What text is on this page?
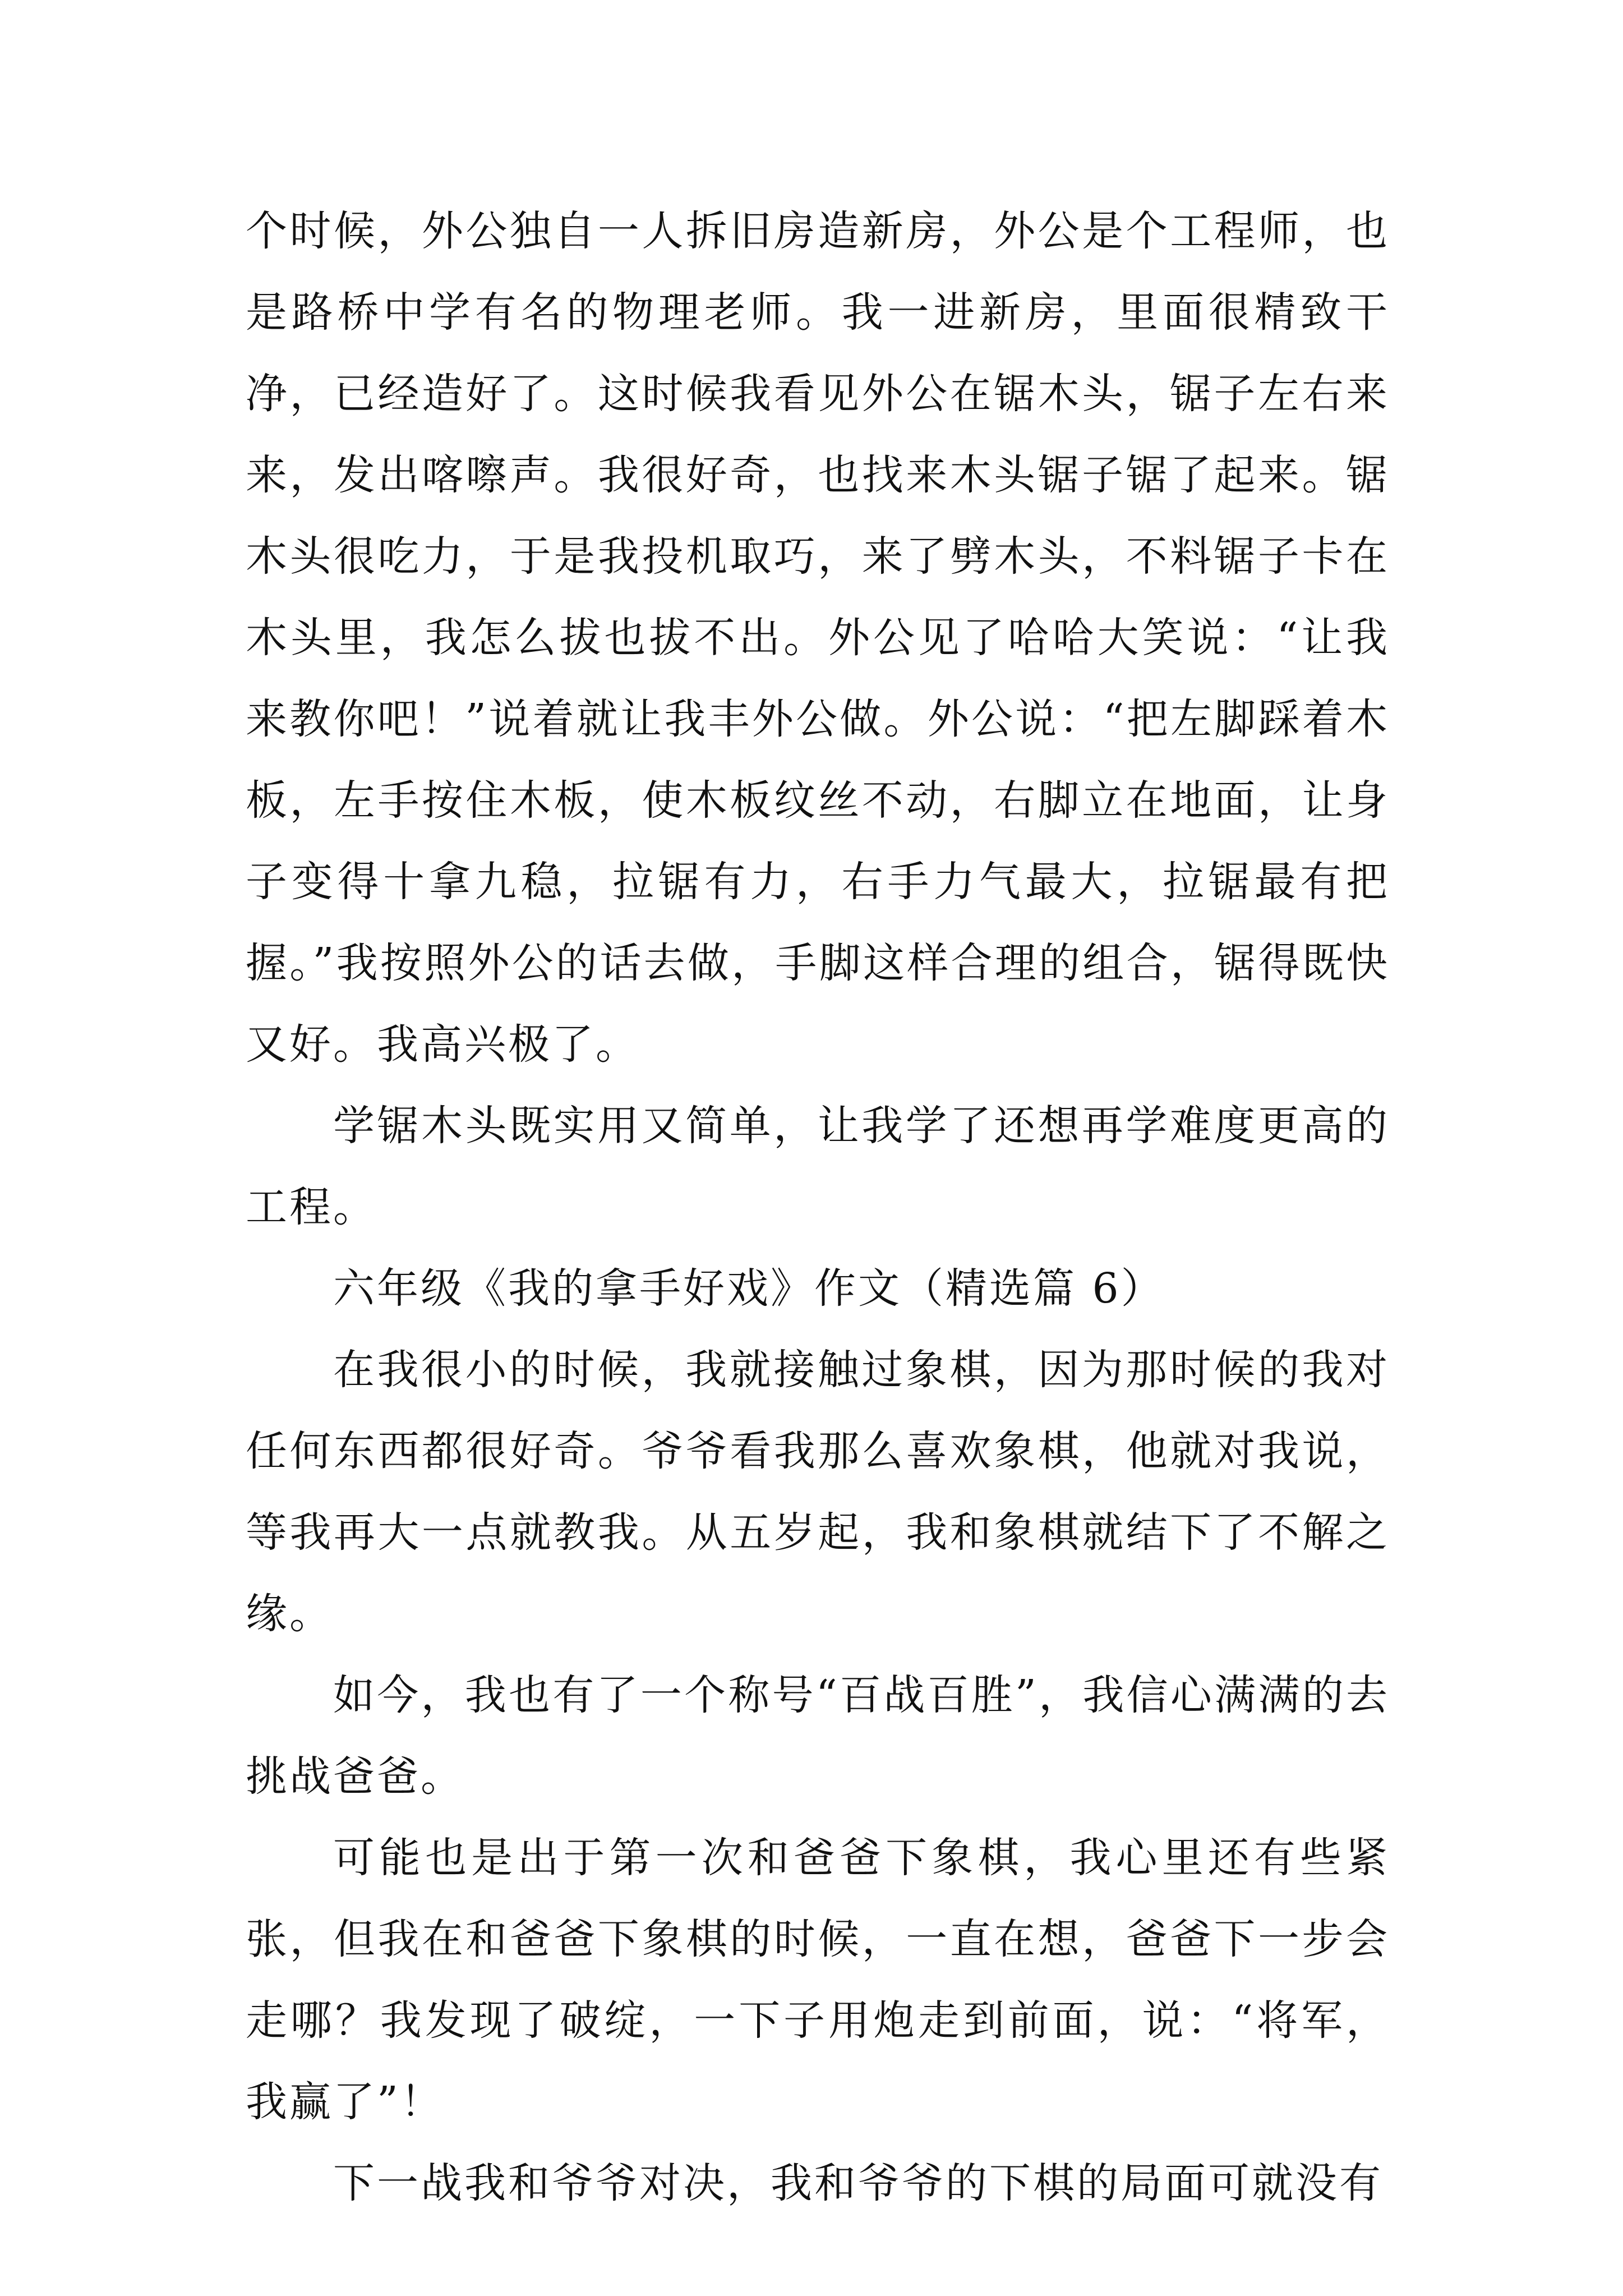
个时候，外公独自一人拆旧房造新房，外公是个工程师，也是路桥中学有名的物理老师。我一进新房，里面很精致干净，已经造好了。这时候我看见外公在锯木头，锯子左右来来，发出喀嚓声。我很好奇，也找来木头锯子锯了起来。锯木头很吃力，于是我投机取巧，来了劈木头，不料锯子卡在木头里，我怎么拔也拔不出。外公见了哈哈大笑说：“让我来教你吧！”说着就让我丰外公做。外公说：“把左脚踩着木板，左手按住木板，使木板纹丝不动，右脚立在地面，让身子变得十拿九稳，拉锯有力，右手力气最大，拉锯最有把握。”我按照外公的话去做，手脚这样合理的组合，锯得既快又好。我高兴极了。

学锯木头既实用又简单，让我学了还想再学难度更高的工程。

六年级《我的拿手好戏》作文（精选篇 6）

在我很小的时候，我就接触过象棋，因为那时候的我对任何东西都很好奇。爷爷看我那么喜欢象棋，他就对我说，等我再大一点就教我。从五岁起，我和象棋就结下了不解之缘。

如今，我也有了一个称号“百战百胜”，我信心满满的去挑战爸爸。

可能也是出于第一次和爸爸下象棋，我心里还有些紧张，但我在和爸爸下象棋的时候，一直在想，爸爸下一步会走哪？我发现了破绽，一下子用炮走到前面，说：“将军，我赢了”！

下一战我和爷爷对决，我和爷爷的下棋的局面可就没有
